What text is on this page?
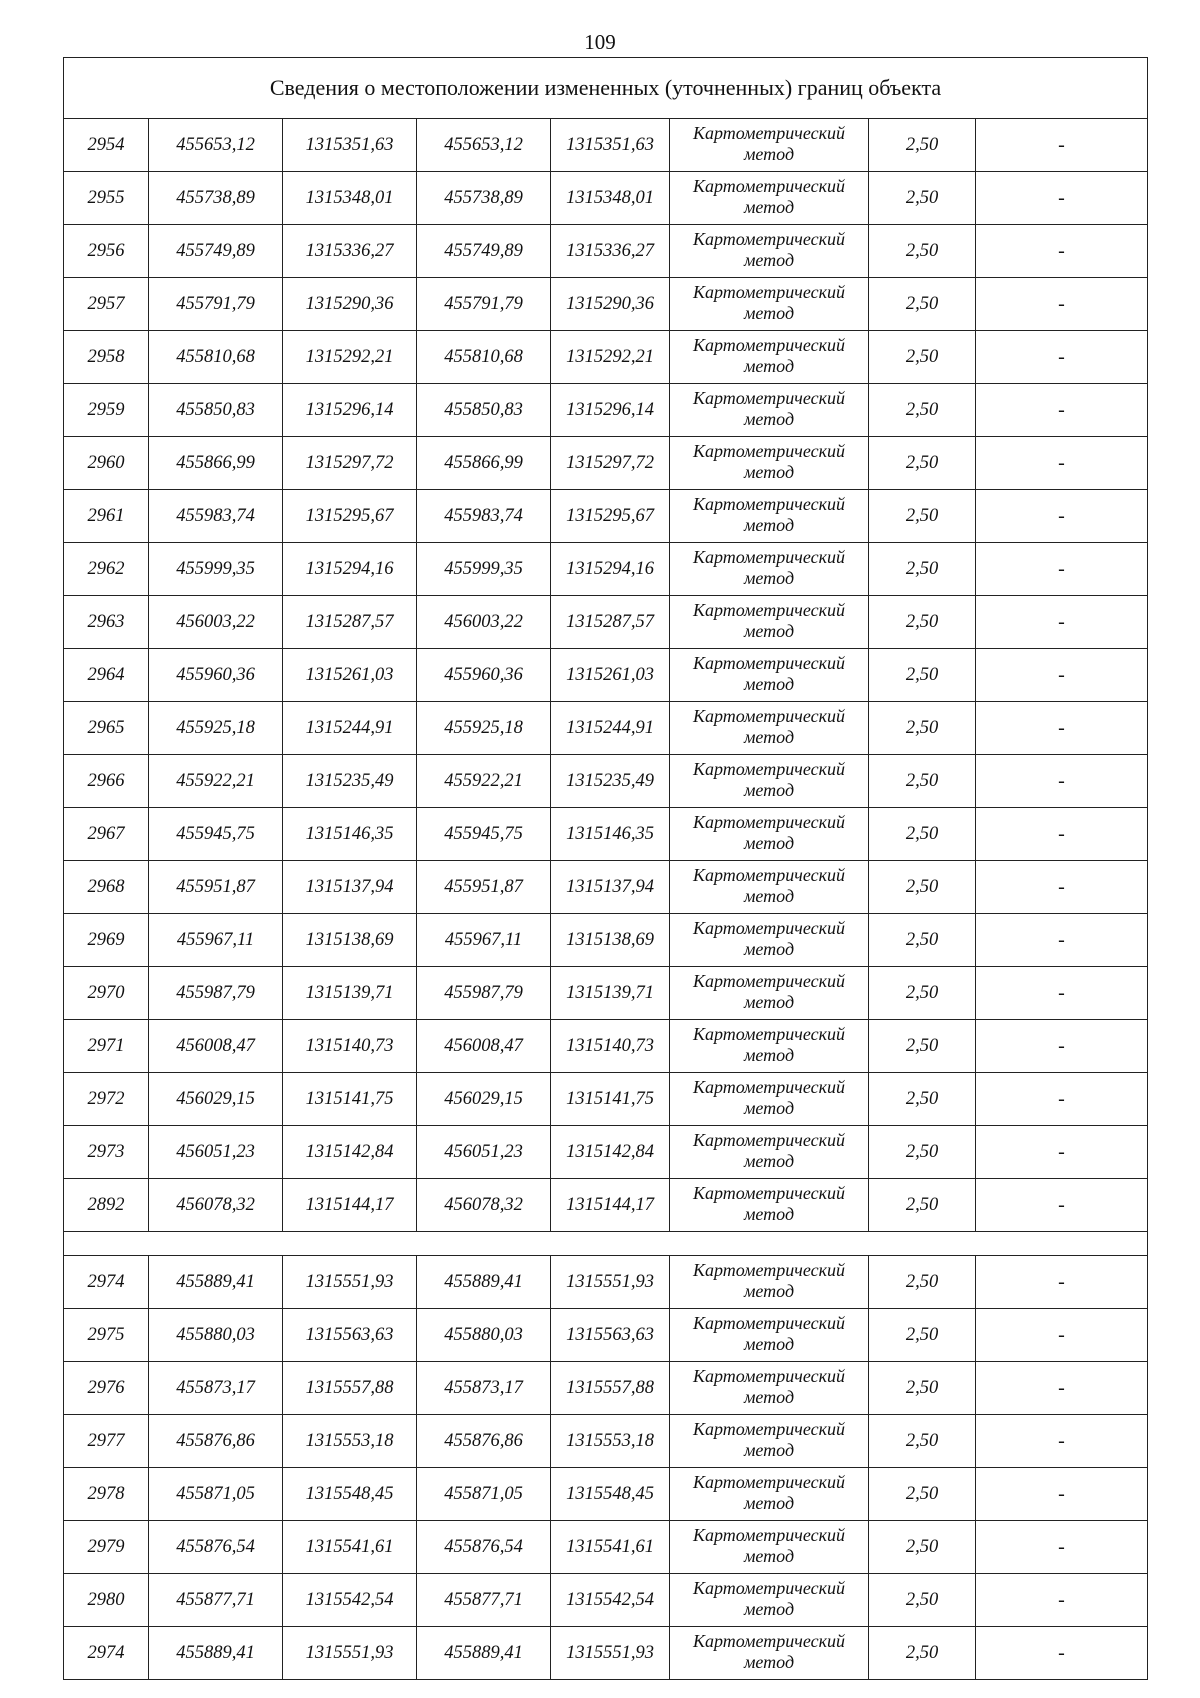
109
Сведения о местоположении измененных (уточненных) границ объекта							
2954	455653,12	1315351,63	455653,12	1315351,63	Картометрический
метод	2,50	-
2955	455738,89	1315348,01	455738,89	1315348,01	Картометрический
метод	2,50	-
2956	455749,89	1315336,27	455749,89	1315336,27	Картометрический
метод	2,50	-
2957	455791,79	1315290,36	455791,79	1315290,36	Картометрический
метод	2,50	-
2958	455810,68	1315292,21	455810,68	1315292,21	Картометрический
метод	2,50	-
2959	455850,83	1315296,14	455850,83	1315296,14	Картометрический
метод	2,50	-
2960	455866,99	1315297,72	455866,99	1315297,72	Картометрический
метод	2,50	-
2961	455983,74	1315295,67	455983,74	1315295,67	Картометрический
метод	2,50	-
2962	455999,35	1315294,16	455999,35	1315294,16	Картометрический
метод	2,50	-
2963	456003,22	1315287,57	456003,22	1315287,57	Картометрический
метод	2,50	-
2964	455960,36	1315261,03	455960,36	1315261,03	Картометрический
метод	2,50	-
2965	455925,18	1315244,91	455925,18	1315244,91	Картометрический
метод	2,50	-
2966	455922,21	1315235,49	455922,21	1315235,49	Картометрический
метод	2,50	-
2967	455945,75	1315146,35	455945,75	1315146,35	Картометрический
метод	2,50	-
2968	455951,87	1315137,94	455951,87	1315137,94	Картометрический
метод	2,50	-
2969	455967,11	1315138,69	455967,11	1315138,69	Картометрический
метод	2,50	-
2970	455987,79	1315139,71	455987,79	1315139,71	Картометрический
метод	2,50	-
2971	456008,47	1315140,73	456008,47	1315140,73	Картометрический
метод	2,50	-
2972	456029,15	1315141,75	456029,15	1315141,75	Картометрический
метод	2,50	-
2973	456051,23	1315142,84	456051,23	1315142,84	Картометрический
метод	2,50	-
2892	456078,32	1315144,17	456078,32	1315144,17	Картометрический
метод	2,50	-

2974	455889,41	1315551,93	455889,41	1315551,93	Картометрический
метод	2,50	-
2975	455880,03	1315563,63	455880,03	1315563,63	Картометрический
метод	2,50	-
2976	455873,17	1315557,88	455873,17	1315557,88	Картометрический
метод	2,50	-
2977	455876,86	1315553,18	455876,86	1315553,18	Картометрический
метод	2,50	-
2978	455871,05	1315548,45	455871,05	1315548,45	Картометрический
метод	2,50	-
2979	455876,54	1315541,61	455876,54	1315541,61	Картометрический
метод	2,50	-
2980	455877,71	1315542,54	455877,71	1315542,54	Картометрический
метод	2,50	-
2974	455889,41	1315551,93	455889,41	1315551,93	Картометрический
метод	2,50	-
